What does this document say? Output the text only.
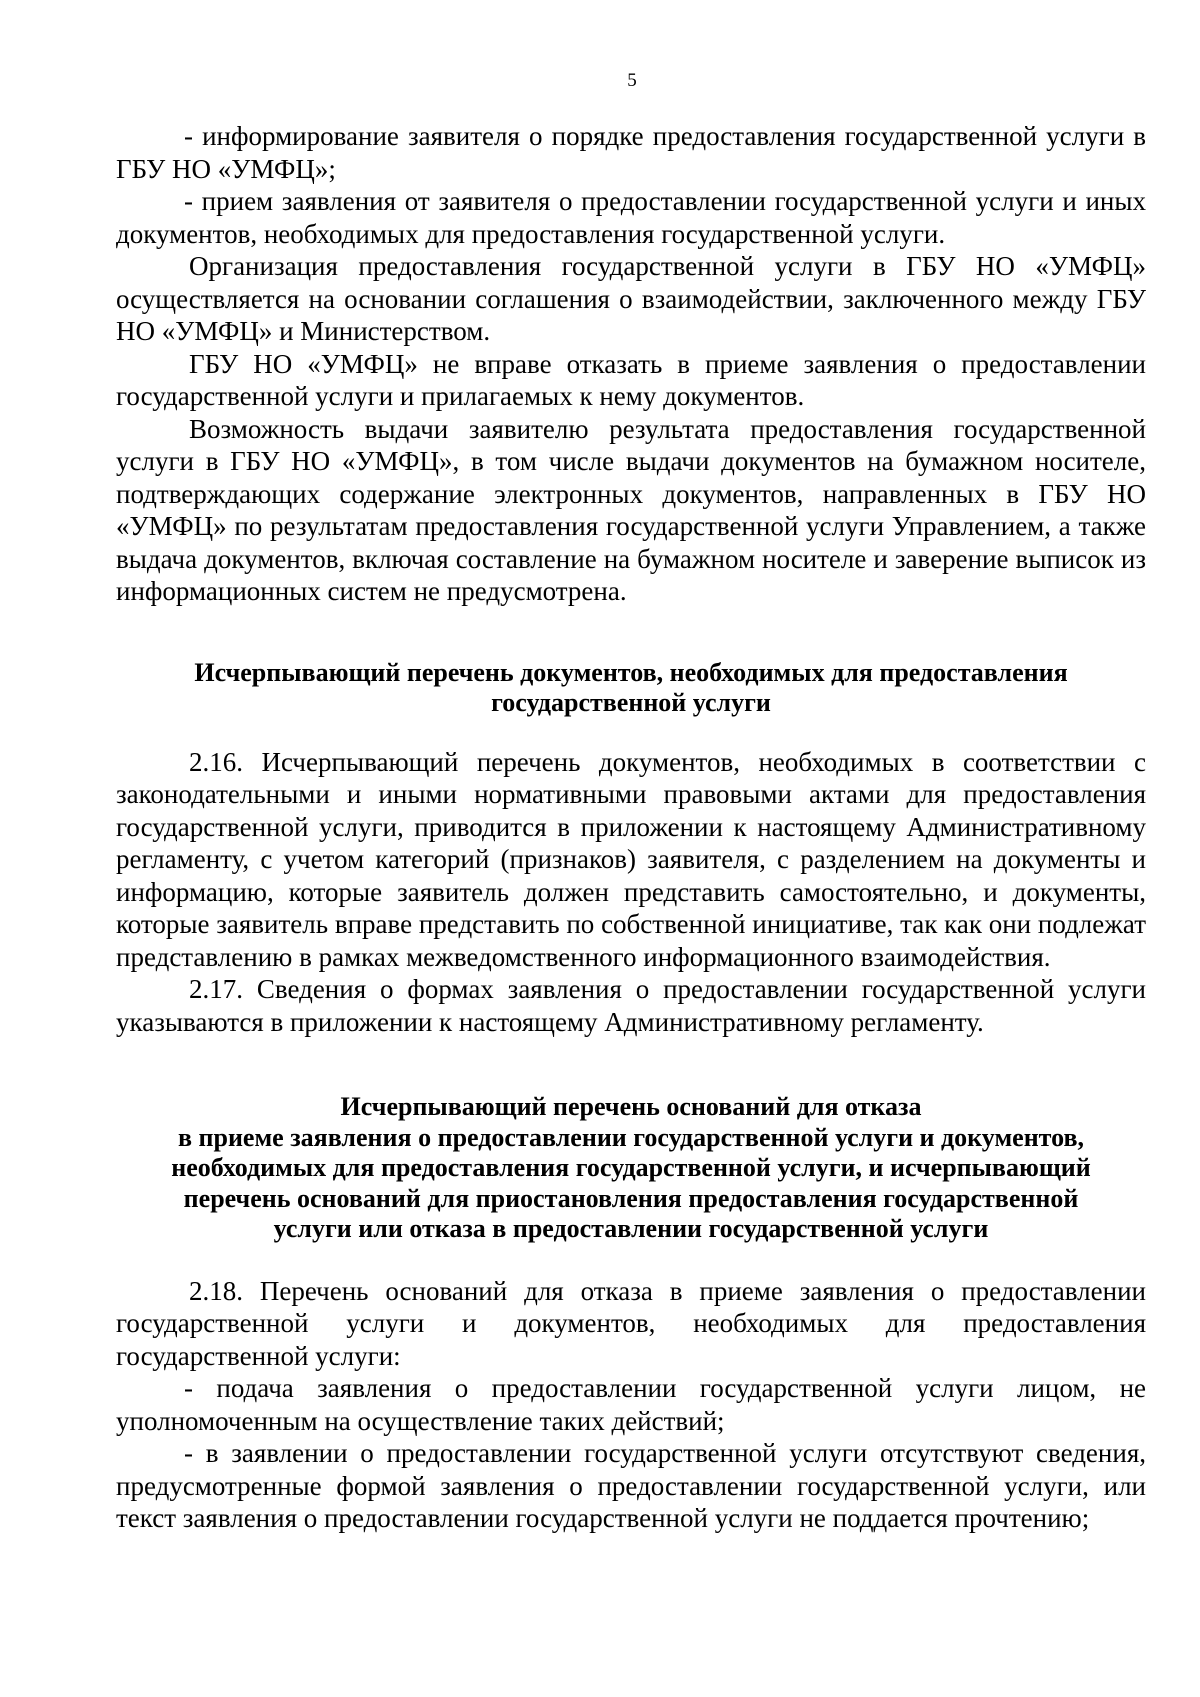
5

- информирование заявителя о порядке предоставления государственной услуги в ГБУ НО «УМФЦ»;

- прием заявления от заявителя о предоставлении государственной услуги и иных документов, необходимых для предоставления государственной услуги.

Организация предоставления государственной услуги в ГБУ НО «УМФЦ» осуществляется на основании соглашения о взаимодействии, заключенного между ГБУ НО «УМФЦ» и Министерством.

ГБУ НО «УМФЦ» не вправе отказать в приеме заявления о предоставлении государственной услуги и прилагаемых к нему документов.

Возможность выдачи заявителю результата предоставления государственной услуги в ГБУ НО «УМФЦ», в том числе выдачи документов на бумажном носителе, подтверждающих содержание электронных документов, направленных в ГБУ НО «УМФЦ» по результатам предоставления государственной услуги Управлением, а также выдача документов, включая составление на бумажном носителе и заверение выписок из информационных систем не предусмотрена.

Исчерпывающий перечень документов, необходимых для предоставления
государственной услуги

2.16. Исчерпывающий перечень документов, необходимых в соответствии с законодательными и иными нормативными правовыми актами для предоставления государственной услуги, приводится в приложении к настоящему Административному регламенту, с учетом категорий (признаков) заявителя, с разделением на документы и информацию, которые заявитель должен представить самостоятельно, и документы, которые заявитель вправе представить по собственной инициативе, так как они подлежат представлению в рамках межведомственного информационного взаимодействия.

2.17. Сведения о формах заявления о предоставлении государственной услуги указываются в приложении к настоящему Административному регламенту.

Исчерпывающий перечень оснований для отказа
в приеме заявления о предоставлении государственной услуги и документов,
необходимых для предоставления государственной услуги, и исчерпывающий
перечень оснований для приостановления предоставления государственной
услуги или отказа в предоставлении государственной услуги

2.18. Перечень оснований для отказа в приеме заявления о предоставлении государственной услуги и документов, необходимых для предоставления государственной услуги:

- подача заявления о предоставлении государственной услуги лицом, не уполномоченным на осуществление таких действий;

- в заявлении о предоставлении государственной услуги отсутствуют сведения, предусмотренные формой заявления о предоставлении государственной услуги, или текст заявления о предоставлении государственной услуги не поддается прочтению;
